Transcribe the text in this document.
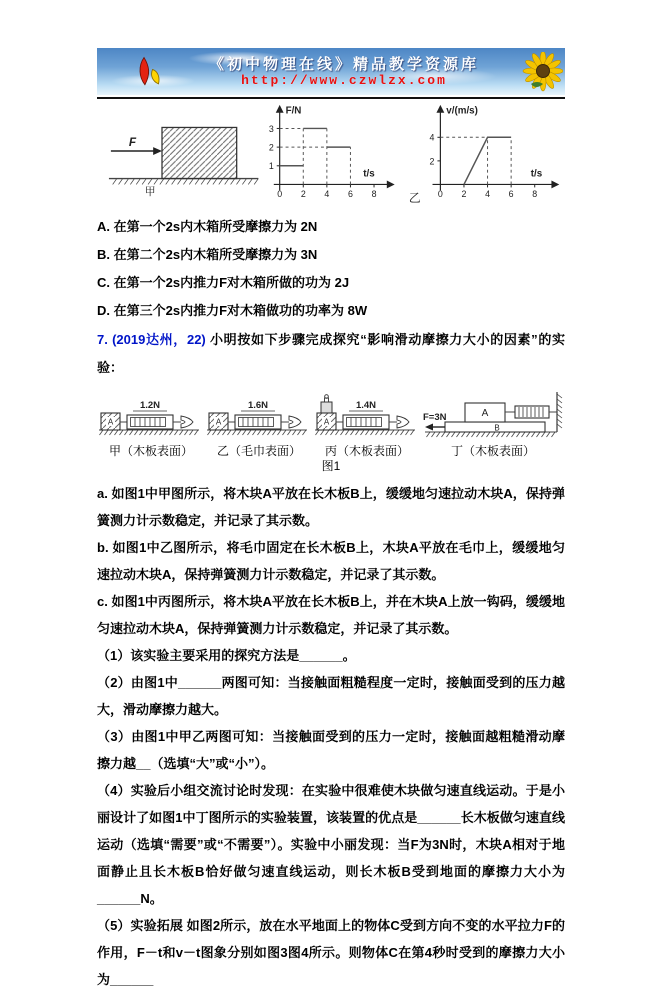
《初中物理在线》精品教学资源库
http://www.czwlzx.com
F
甲
F/N
t/s
1
2
3
0 2 4 6 8
v/(m/s)
t/s
2
4
0 2 4 6 8
乙
A. 在第一个2s内木箱所受摩擦力为 2N
B. 在第二个2s内木箱所受摩擦力为 3N
C. 在第一个2s内推力F对木箱所做的功为 2J
D. 在第三个2s内推力F对木箱做功的功率为 8W
7. (2019达州，22) 小明按如下步骤完成探究“影响滑动摩擦力大小的因素”的实验：
A
1.2N
A
1.6N
A
1.4N
B
A
F=3N
甲（木板表面）	乙（毛巾表面）	丙（木板表面）	丁（木板表面）
图1
a. 如图1中甲图所示，将木块A平放在长木板B上，缓缓地匀速拉动木块A，保持弹簧测力计示数稳定，并记录了其示数。
b. 如图1中乙图所示，将毛巾固定在长木板B上，木块A平放在毛巾上，缓缓地匀速拉动木块A，保持弹簧测力计示数稳定，并记录了其示数。
c. 如图1中丙图所示，将木块A平放在长木板B上，并在木块A上放一钩码，缓缓地匀速拉动木块A，保持弹簧测力计示数稳定，并记录了其示数。
（1）该实验主要采用的探究方法是______。
（2）由图1中______两图可知：当接触面粗糙程度一定时，接触面受到的压力越大，滑动摩擦力越大。
（3）由图1中甲乙两图可知：当接触面受到的压力一定时，接触面越粗糙滑动摩擦力越__（选填“大”或“小”）。
（4）实验后小组交流讨论时发现：在实验中很难使木块做匀速直线运动。于是小丽设计了如图1中丁图所示的实验装置，该装置的优点是______长木板做匀速直线运动（选填“需要”或“不需要”）。实验中小丽发现：当F为3N时，木块A相对于地面静止且长木板B恰好做匀速直线运动，则长木板B受到地面的摩擦力大小为______N。
（5）实验拓展 如图2所示，放在水平地面上的物体C受到方向不变的水平拉力F的作用，F－t和v－t图象分别如图3图4所示。则物体C在第4秒时受到的摩擦力大小为______
